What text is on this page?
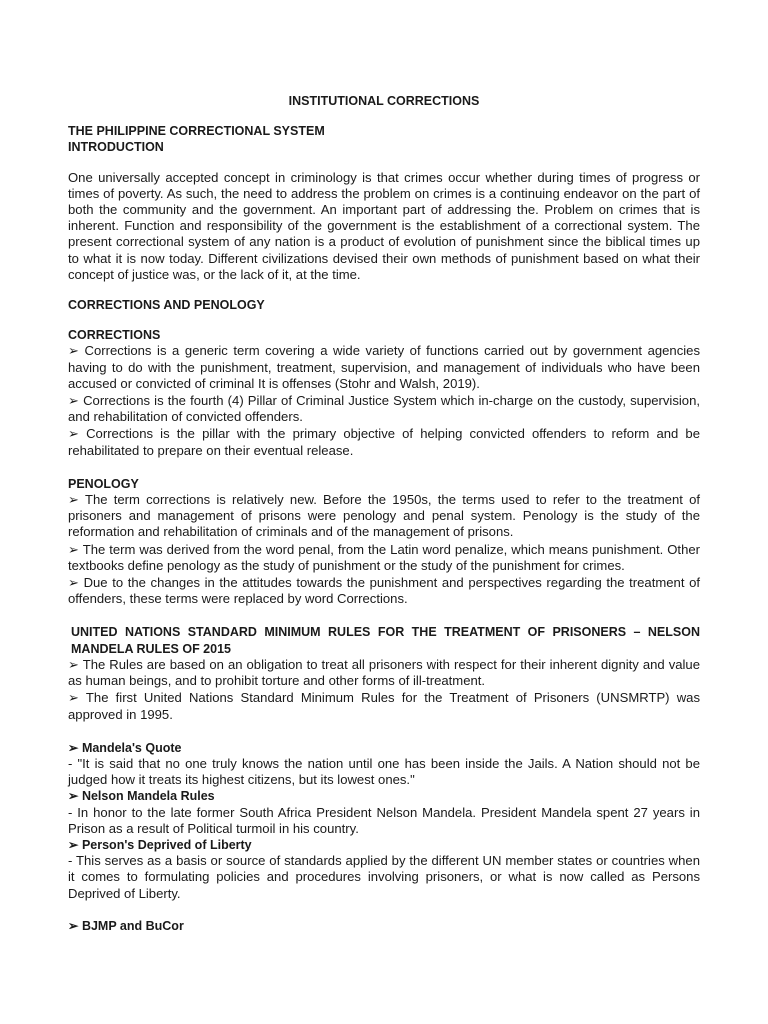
INSTITUTIONAL CORRECTIONS

THE PHILIPPINE CORRECTIONAL SYSTEM

INTRODUCTION

One universally accepted concept in criminology is that crimes occur whether during times of progress or times of poverty. As such, the need to address the problem on crimes is a continuing endeavor on the part of both the community and the government. An important part of addressing the. Problem on crimes that is inherent. Function and responsibility of the government is the establishment of a correctional system. The present correctional system of any nation is a product of evolution of punishment since the biblical times up to what it is now today. Different civilizations devised their own methods of punishment based on what their concept of justice was, or the lack of it, at the time.

CORRECTIONS AND PENOLOGY

CORRECTIONS

➢ Corrections is a generic term covering a wide variety of functions carried out by government agencies having to do with the punishment, treatment, supervision, and management of individuals who have been accused or convicted of criminal It is offenses (Stohr and Walsh, 2019).

➢ Corrections is the fourth (4) Pillar of Criminal Justice System which in-charge on the custody, supervision, and rehabilitation of convicted offenders.

➢ Corrections is the pillar with the primary objective of helping convicted offenders to reform and be rehabilitated to prepare on their eventual release.

PENOLOGY

➢ The term corrections is relatively new. Before the 1950s, the terms used to refer to the treatment of prisoners and management of prisons were penology and penal system. Penology is the study of the reformation and rehabilitation of criminals and of the management of prisons.

➢ The term was derived from the word penal, from the Latin word penalize, which means punishment. Other textbooks define penology as the study of punishment or the study of the punishment for crimes.

➢ Due to the changes in the attitudes towards the punishment and perspectives regarding the treatment of offenders, these terms were replaced by word Corrections.

UNITED NATIONS STANDARD MINIMUM RULES FOR THE TREATMENT OF PRISONERS – NELSON MANDELA RULES OF 2015

➢ The Rules are based on an obligation to treat all prisoners with respect for their inherent dignity and value as human beings, and to prohibit torture and other forms of ill-treatment.

➢ The first United Nations Standard Minimum Rules for the Treatment of Prisoners (UNSMRTP) was approved in 1995.

➢ Mandela's Quote

- "It is said that no one truly knows the nation until one has been inside the Jails. A Nation should not be judged how it treats its highest citizens, but its lowest ones."

➢ Nelson Mandela Rules

- In honor to the late former South Africa President Nelson Mandela. President Mandela spent 27 years in Prison as a result of Political turmoil in his country.

➢ Person's Deprived of Liberty

- This serves as a basis or source of standards applied by the different UN member states or countries when it comes to formulating policies and procedures involving prisoners, or what is now called as Persons Deprived of Liberty.

➢ BJMP and BuCor
